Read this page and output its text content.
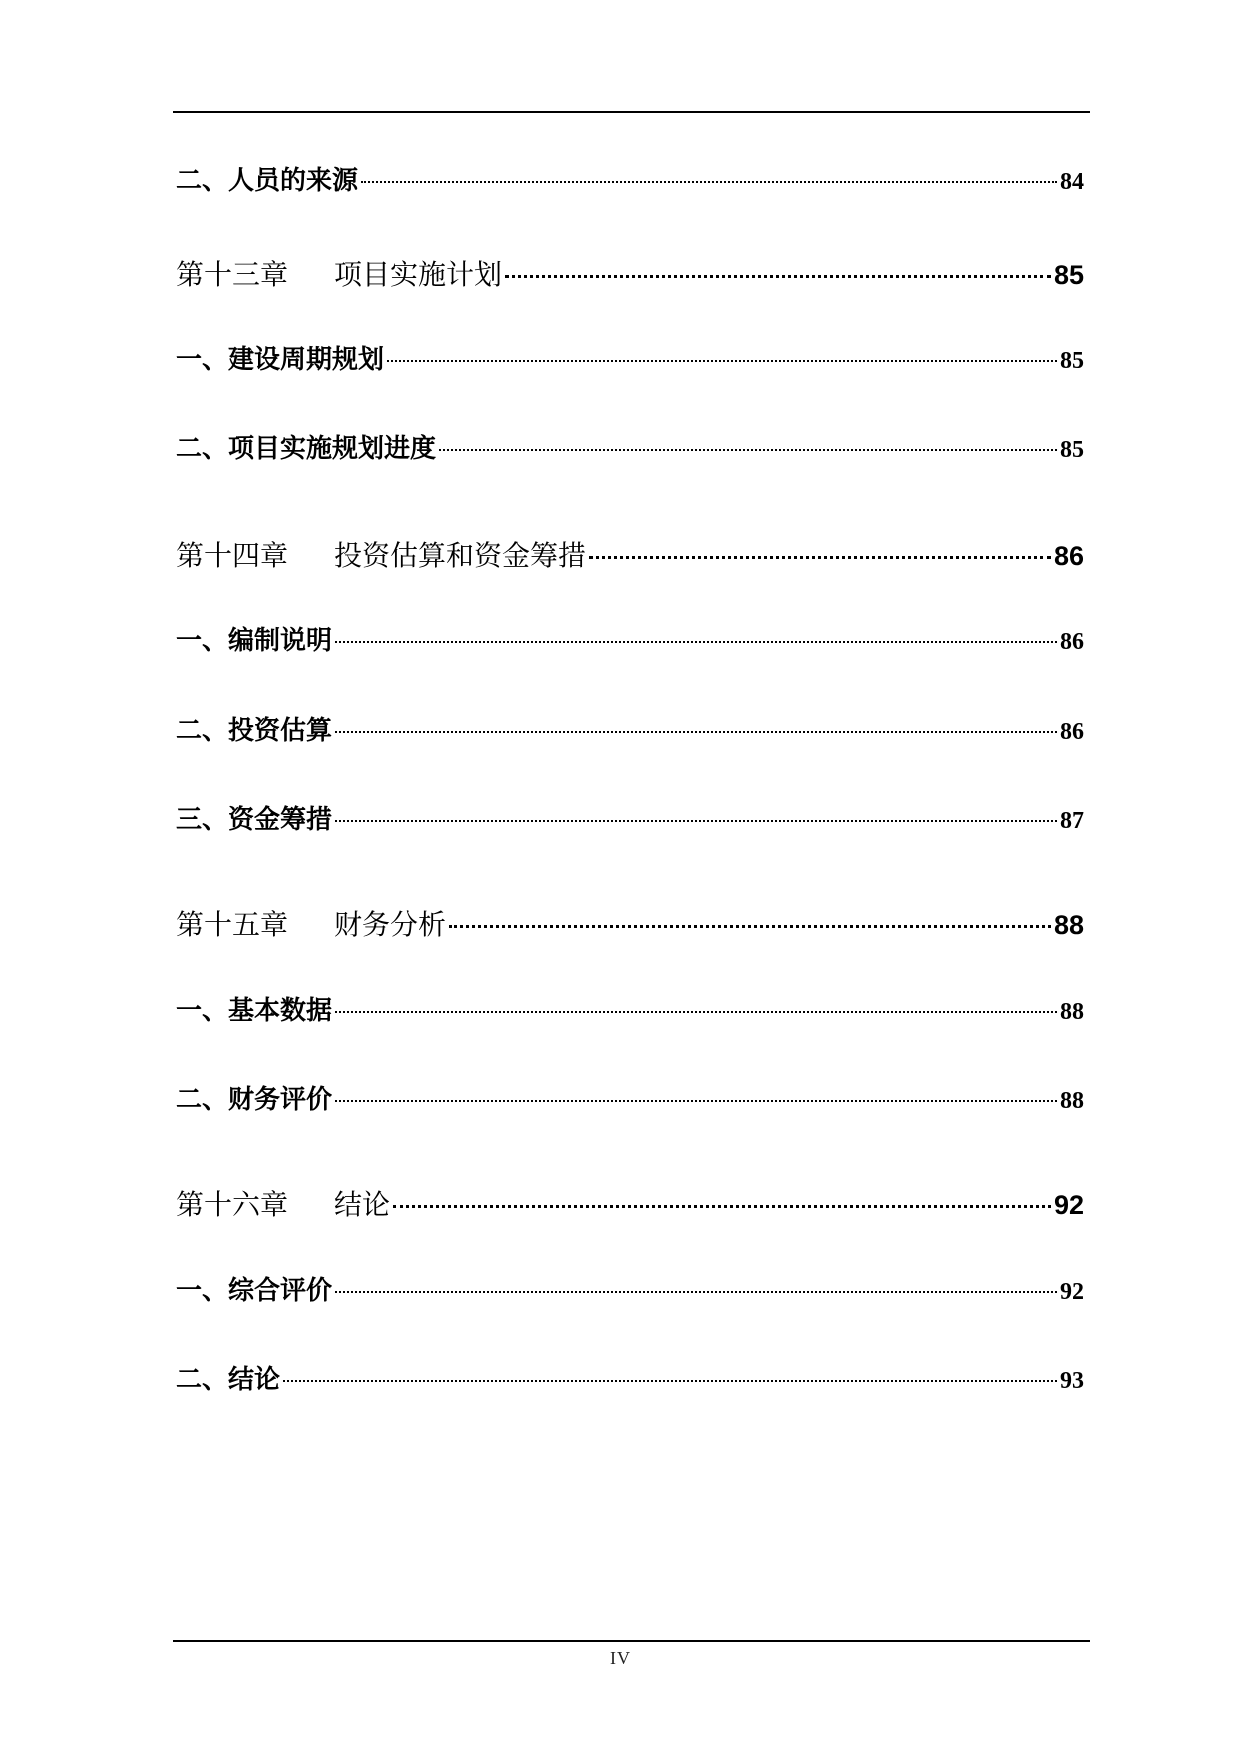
二、人员的来源	84
第十三章 项目实施计划	85
一、建设周期规划	85
二、项目实施规划进度	85
第十四章 投资估算和资金筹措	86
一、编制说明	86
二、投资估算	86
三、资金筹措	87
第十五章 财务分析	88
一、基本数据	88
二、财务评价	88
第十六章 结论	92
一、综合评价	92
二、结论	93
IV
